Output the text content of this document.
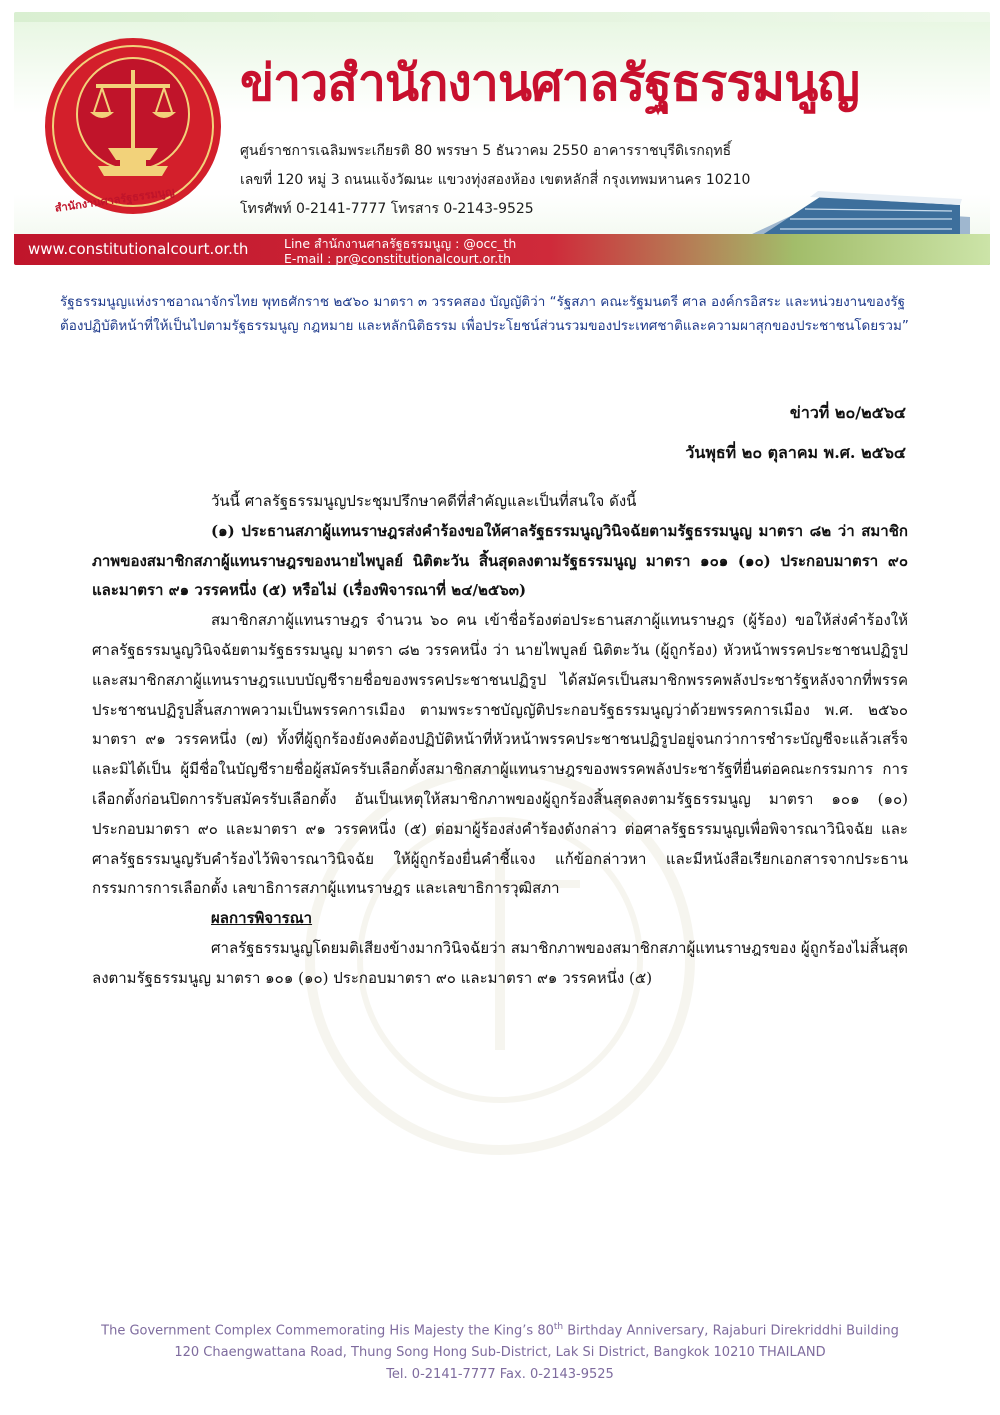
สำนักงานศาลรัฐธรรมนูญ
ข่าวสำนักงานศาลรัฐธรรมนูญ
ศูนย์ราชการเฉลิมพระเกียรติ 80 พรรษา 5 ธันวาคม 2550 อาคารราชบุรีดิเรกฤทธิ์
เลขที่ 120 หมู่ 3 ถนนแจ้งวัฒนะ แขวงทุ่งสองห้อง เขตหลักสี่ กรุงเทพมหานคร 10210
โทรศัพท์ 0-2141-7777 โทรสาร 0-2143-9525
www.constitutionalcourt.or.th	Line สำนักงานศาลรัฐธรรมนูญ : @occ_th
E-mail : pr@constitutionalcourt.or.th
รัฐธรรมนูญแห่งราชอาณาจักรไทย พุทธศักราช ๒๕๖๐ มาตรา ๓ วรรคสอง บัญญัติว่า “รัฐสภา คณะรัฐมนตรี ศาล องค์กรอิสระ และหน่วยงานของรัฐ
ต้องปฏิบัติหน้าที่ให้เป็นไปตามรัฐธรรมนูญ กฎหมาย และหลักนิติธรรม เพื่อประโยชน์ส่วนรวมของประเทศชาติและความผาสุกของประชาชนโดยรวม”
ข่าวที่ ๒๐/๒๕๖๔
วันพุธที่ ๒๐ ตุลาคม พ.ศ. ๒๕๖๔

วันนี้ ศาลรัฐธรรมนูญประชุมปรึกษาคดีที่สำคัญและเป็นที่สนใจ ดังนี้

(๑) ประธานสภาผู้แทนราษฎรส่งคำร้องขอให้ศาลรัฐธรรมนูญวินิจฉัยตามรัฐธรรมนูญ มาตรา ๘๒ ว่า สมาชิกภาพของสมาชิกสภาผู้แทนราษฎรของนายไพบูลย์ นิติตะวัน สิ้นสุดลงตามรัฐธรรมนูญ มาตรา ๑๐๑ (๑๐) ประกอบมาตรา ๙๐ และมาตรา ๙๑ วรรคหนึ่ง (๕) หรือไม่ (เรื่องพิจารณาที่ ๒๔/๒๕๖๓)

สมาชิกสภาผู้แทนราษฎร จำนวน ๖๐ คน เข้าชื่อร้องต่อประธานสภาผู้แทนราษฎร (ผู้ร้อง) ขอให้ส่งคำร้องให้ศาลรัฐธรรมนูญวินิจฉัยตามรัฐธรรมนูญ มาตรา ๘๒ วรรคหนึ่ง ว่า นายไพบูลย์ นิติตะวัน (ผู้ถูกร้อง) หัวหน้าพรรคประชาชนปฏิรูปและสมาชิกสภาผู้แทนราษฎรแบบบัญชีรายชื่อของพรรคประชาชนปฏิรูป ได้สมัครเป็นสมาชิกพรรคพลังประชารัฐหลังจากที่พรรคประชาชนปฏิรูปสิ้นสภาพความเป็นพรรคการเมือง ตามพระราชบัญญัติประกอบรัฐธรรมนูญว่าด้วยพรรคการเมือง พ.ศ. ๒๕๖๐ มาตรา ๙๑ วรรคหนึ่ง (๗) ทั้งที่ผู้ถูกร้องยังคงต้องปฏิบัติหน้าที่หัวหน้าพรรคประชาชนปฏิรูปอยู่จนกว่าการชำระบัญชีจะแล้วเสร็จ และมิได้เป็น ผู้มีชื่อในบัญชีรายชื่อผู้สมัครรับเลือกตั้งสมาชิกสภาผู้แทนราษฎรของพรรคพลังประชารัฐที่ยื่นต่อคณะกรรมการ การเลือกตั้งก่อนปิดการรับสมัครรับเลือกตั้ง อันเป็นเหตุให้สมาชิกภาพของผู้ถูกร้องสิ้นสุดลงตามรัฐธรรมนูญ มาตรา ๑๐๑ (๑๐) ประกอบมาตรา ๙๐ และมาตรา ๙๑ วรรคหนึ่ง (๕) ต่อมาผู้ร้องส่งคำร้องดังกล่าว ต่อศาลรัฐธรรมนูญเพื่อพิจารณาวินิจฉัย และศาลรัฐธรรมนูญรับคำร้องไว้พิจารณาวินิจฉัย ให้ผู้ถูกร้องยื่นคำชี้แจง แก้ข้อกล่าวหา และมีหนังสือเรียกเอกสารจากประธานกรรมการการเลือกตั้ง เลขาธิการสภาผู้แทนราษฎร และเลขาธิการวุฒิสภา

ผลการพิจารณา

ศาลรัฐธรรมนูญโดยมติเสียงข้างมากวินิจฉัยว่า สมาชิกภาพของสมาชิกสภาผู้แทนราษฎรของ ผู้ถูกร้องไม่สิ้นสุดลงตามรัฐธรรมนูญ มาตรา ๑๐๑ (๑๐) ประกอบมาตรา ๙๐ และมาตรา ๙๑ วรรคหนึ่ง (๕)

The Government Complex Commemorating His Majesty the King’s 80th Birthday Anniversary, Rajaburi Direkriddhi Building
120 Chaengwattana Road, Thung Song Hong Sub-District, Lak Si District, Bangkok 10210 THAILAND
Tel. 0-2141-7777 Fax. 0-2143-9525
